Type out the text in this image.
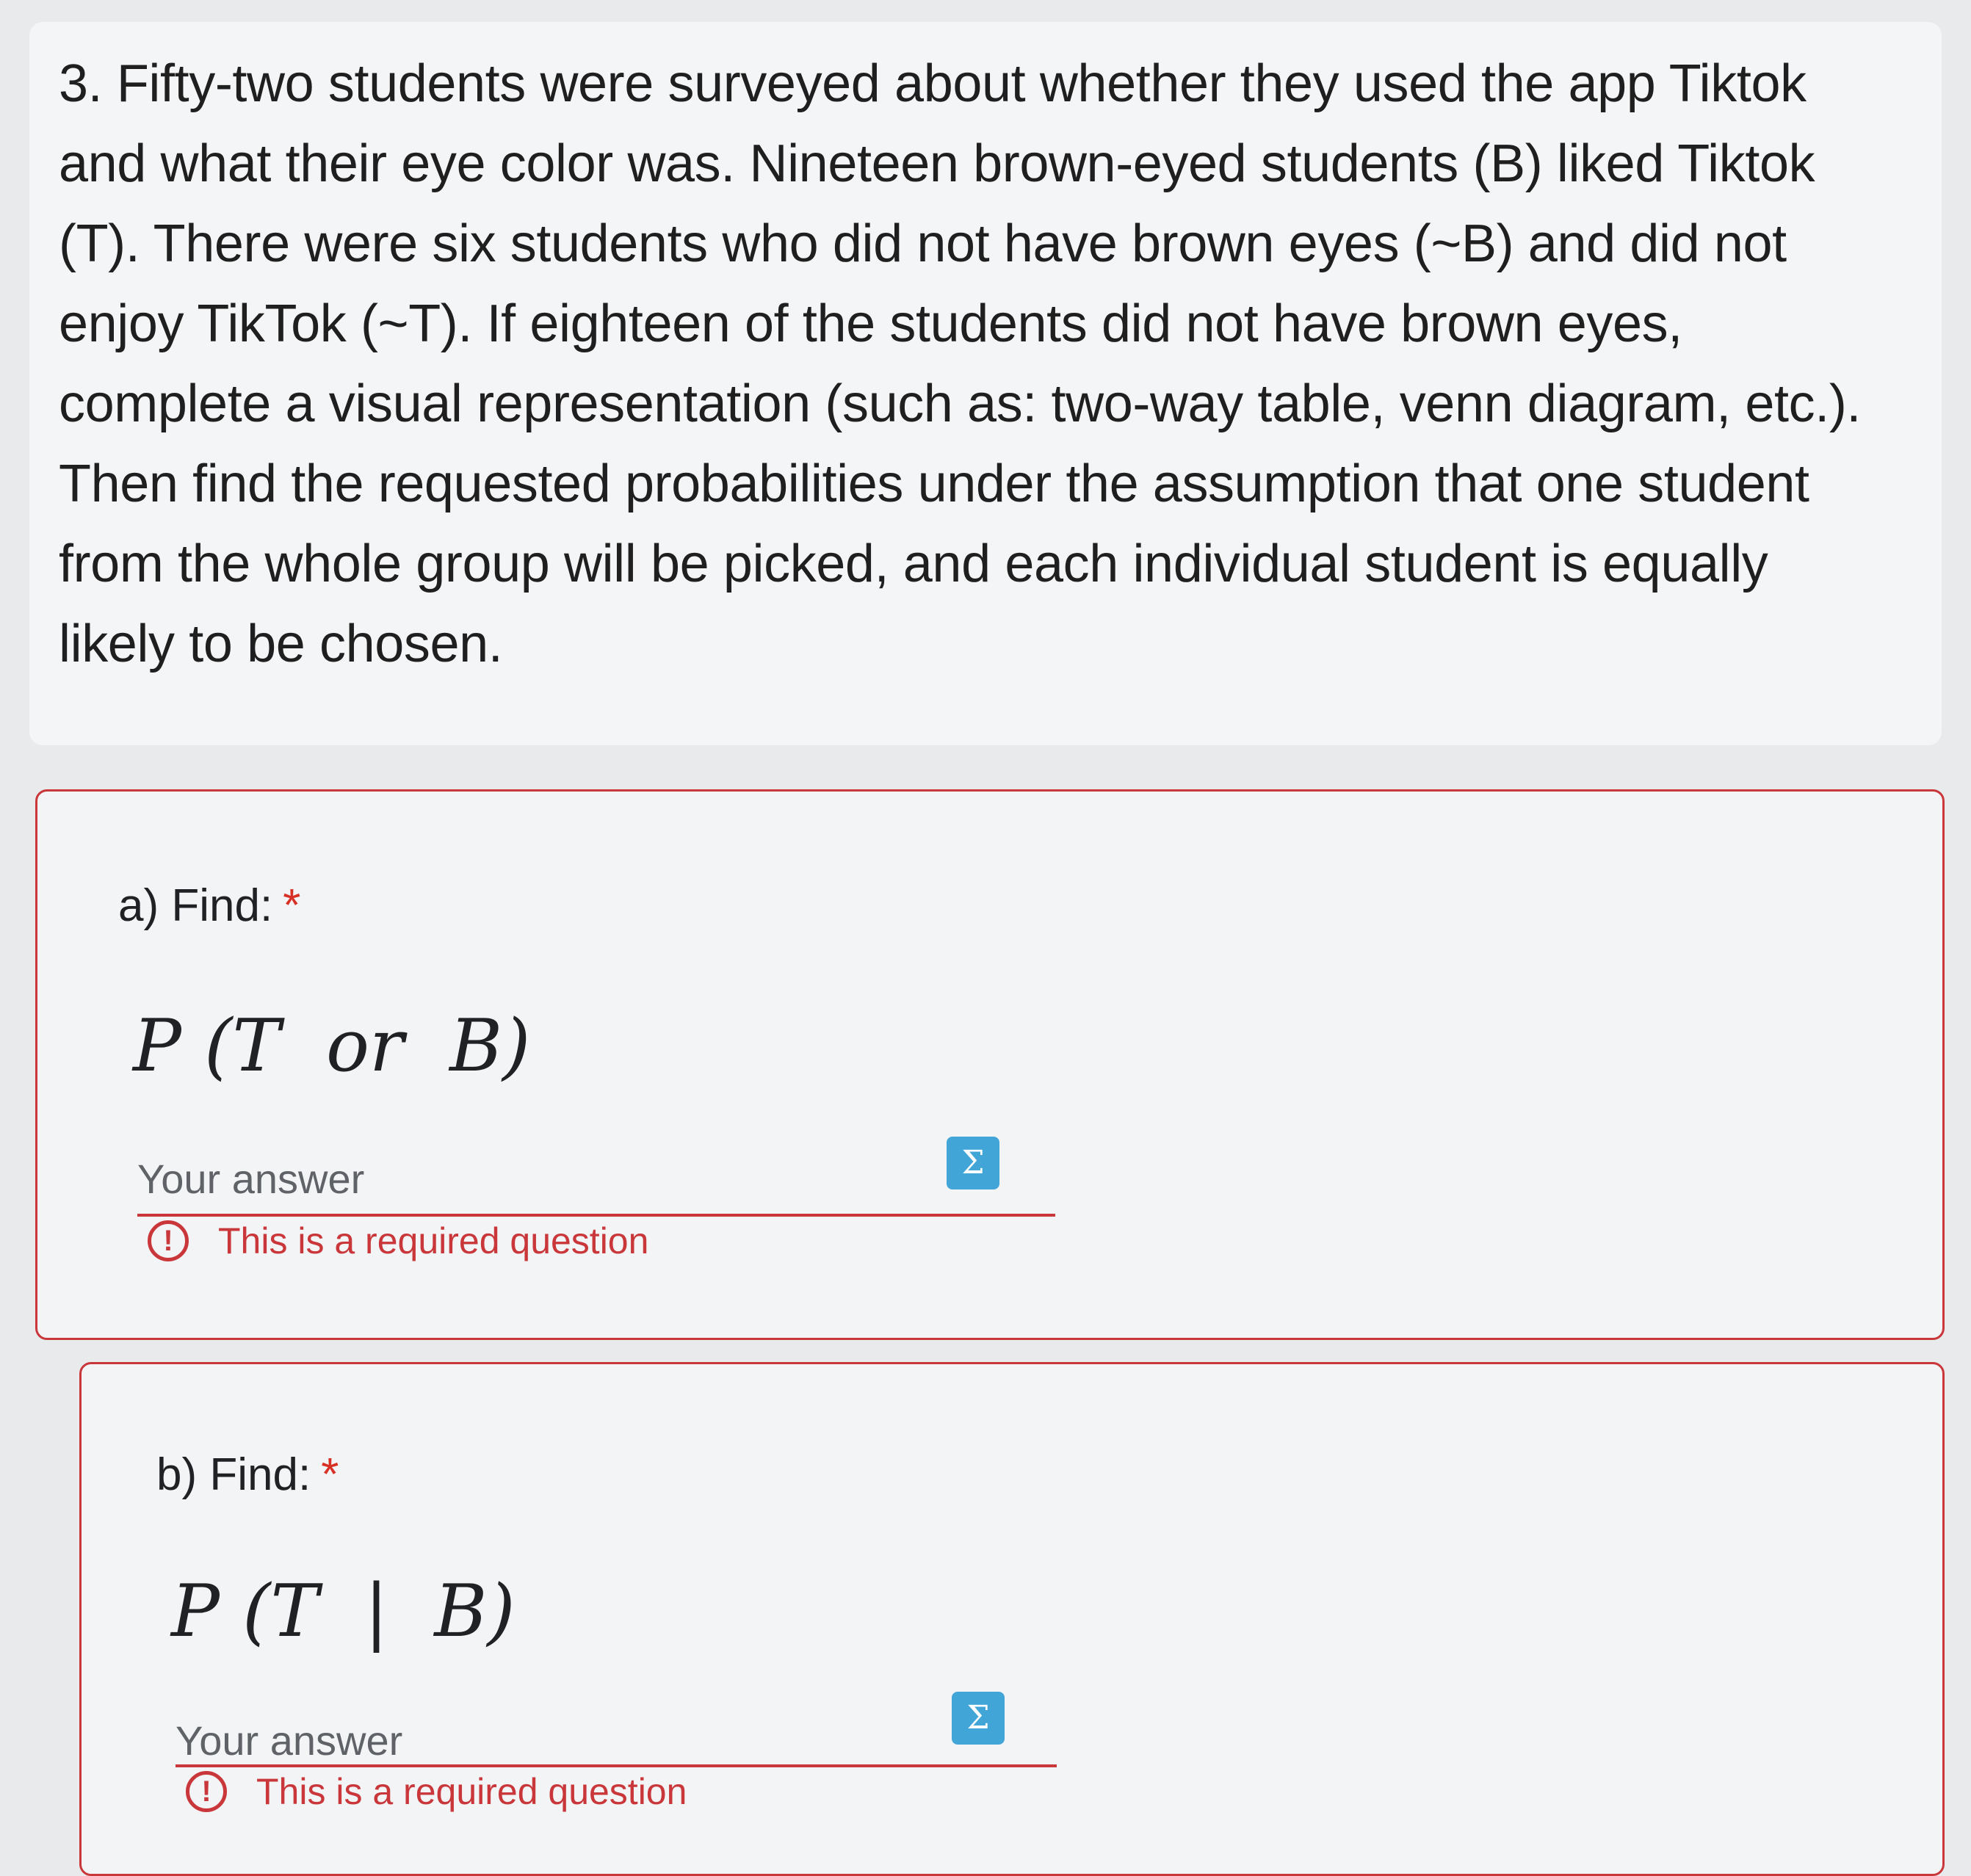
3. Fifty-two students were surveyed about whether they used the app Tiktok
and what their eye color was. Nineteen brown-eyed students (B) liked Tiktok
(T). There were six students who did not have brown eyes (~B) and did not
enjoy TikTok (~T). If eighteen of the students did not have brown eyes,
complete a visual representation (such as: two-way table, venn diagram, etc.).
Then find the requested probabilities under the assumption that one student
from the whole group will be picked, and each individual student is equally
likely to be chosen.

a) Find: *
P (T  or  B)
Your answer	Σ
!	This is a required question
b) Find: *
P (T  |  B)
Your answer	Σ
!	This is a required question
